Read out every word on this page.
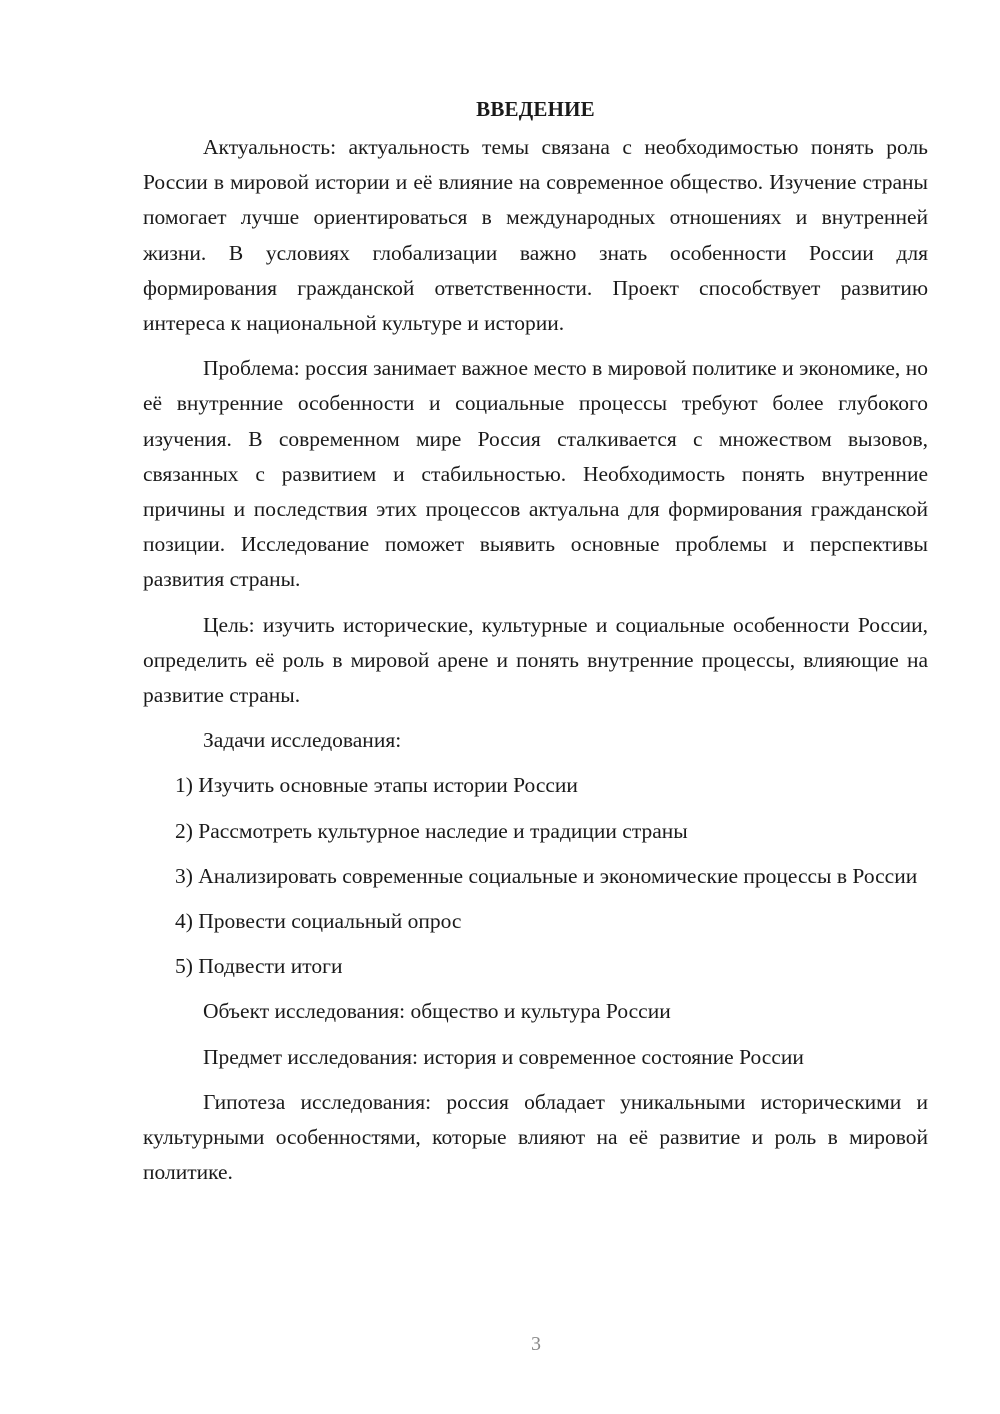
ВВЕДЕНИЕ

Актуальность: актуальность темы связана с необходимостью понять роль России в мировой истории и её влияние на современное общество. Изучение страны помогает лучше ориентироваться в международных отношениях и внутренней жизни. В условиях глобализации важно знать особенности России для формирования гражданской ответственности. Проект способствует развитию интереса к национальной культуре и истории.

Проблема: россия занимает важное место в мировой политике и экономике, но её внутренние особенности и социальные процессы требуют более глубокого изучения. В современном мире Россия сталкивается с множеством вызовов, связанных с развитием и стабильностью. Необходимость понять внутренние причины и последствия этих процессов актуальна для формирования гражданской позиции. Исследование поможет выявить основные проблемы и перспективы развития страны.

Цель: изучить исторические, культурные и социальные особенности России, определить её роль в мировой арене и понять внутренние процессы, влияющие на развитие страны.

Задачи исследования:

1) Изучить основные этапы истории России

2) Рассмотреть культурное наследие и традиции страны

3) Анализировать современные социальные и экономические процессы в России

4) Провести социальный опрос

5) Подвести итоги

Объект исследования: общество и культура России

Предмет исследования: история и современное состояние России

Гипотеза исследования: россия обладает уникальными историческими и культурными особенностями, которые влияют на её развитие и роль в мировой политике.

3
